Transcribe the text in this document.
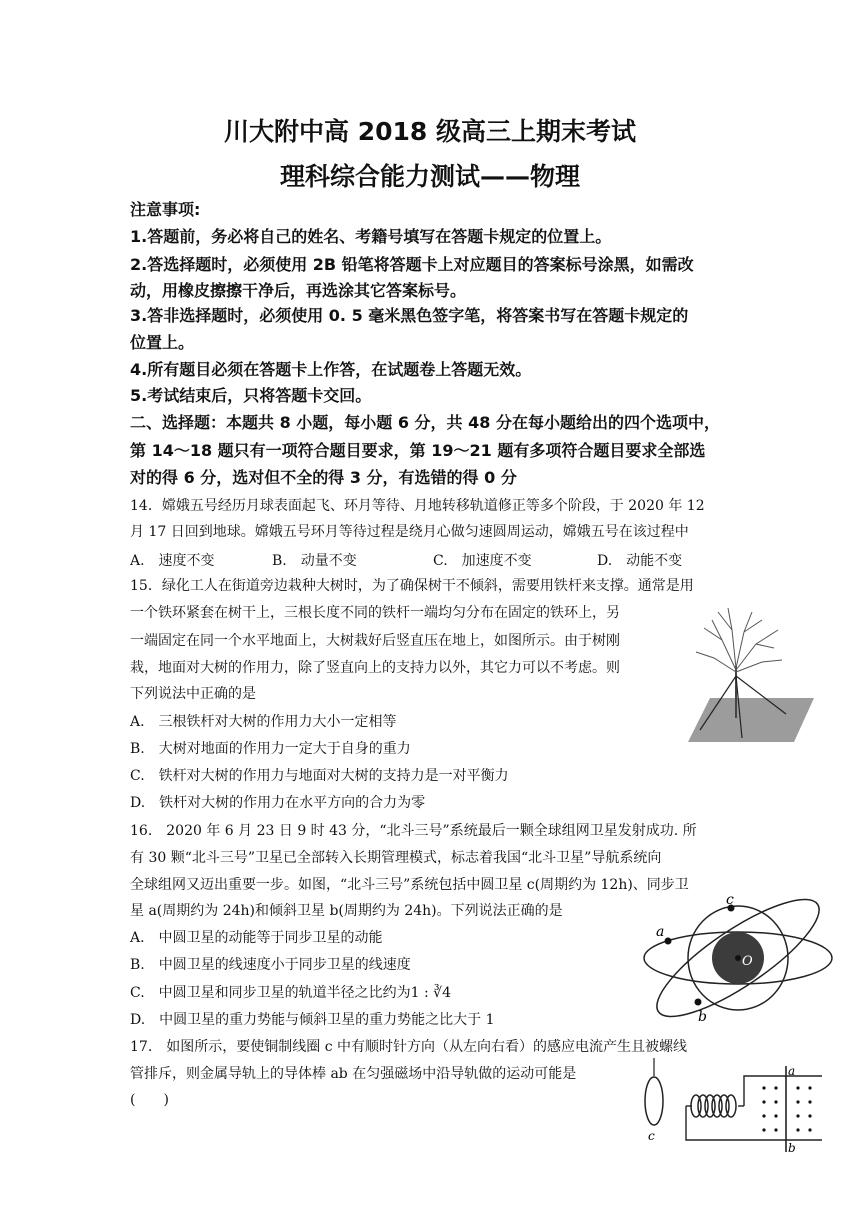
川大附中高 2018 级高三上期末考试
理科综合能力测试——物理
注意事项:
1.答题前，务必将自己的姓名、考籍号填写在答题卡规定的位置上。
2.答选择题时，必须使用 2B 铅笔将答题卡上对应题目的答案标号涂黑，如需改
动，用橡皮擦擦干净后，再选涂其它答案标号。
3.答非选择题时，必须使用 0. 5 毫米黑色签字笔，将答案书写在答题卡规定的
位置上。
4.所有题目必须在答题卡上作答，在试题卷上答题无效。
5.考试结束后，只将答题卡交回。
二、选择题：本题共 8 小题，每小题 6 分，共 48 分在每小题给出的四个选项中，
第 14～18 题只有一项符合题目要求，第 19～21 题有多项符合题目要求全部选
对的得 6 分，选对但不全的得 3 分，有选错的得 0 分
14．嫦娥五号经历月球表面起飞、环月等待、月地转移轨道修正等多个阶段，于 2020 年 12
月 17 日回到地球。嫦娥五号环月等待过程是绕月心做匀速圆周运动，嫦娥五号在该过程中
A.　速度不变	B.　动量不变	C.　加速度不变	D.　动能不变
15．绿化工人在街道旁边栽种大树时，为了确保树干不倾斜，需要用铁杆来支撑。通常是用
一个铁环紧套在树干上，三根长度不同的铁杆一端均匀分布在固定的铁环上，另
一端固定在同一个水平地面上，大树栽好后竖直压在地上，如图所示。由于树刚
栽，地面对大树的作用力，除了竖直向上的支持力以外，其它力可以不考虑。则
下列说法中正确的是
A.　三根铁杆对大树的作用力大小一定相等
B.　大树对地面的作用力一定大于自身的重力
C.　铁杆对大树的作用力与地面对大树的支持力是一对平衡力
D.　铁杆对大树的作用力在水平方向的合力为零
16.　2020 年 6 月 23 日 9 时 43 分，“北斗三号”系统最后一颗全球组网卫星发射成功. 所
有 30 颗“北斗三号”卫星已全部转入长期管理模式，标志着我国“北斗卫星”导航系统向
全球组网又迈出重要一步。如图，“北斗三号”系统包括中圆卫星 c(周期约为 12h)、同步卫
星 a(周期约为 24h)和倾斜卫星 b(周期约为 24h)。下列说法正确的是
A.　中圆卫星的动能等于同步卫星的动能
B.　中圆卫星的线速度小于同步卫星的线速度
C.　中圆卫星和同步卫星的轨道半径之比约为1 : ∛4
D.　中圆卫星的重力势能与倾斜卫星的重力势能之比大于 1
O
a
c
b
17.　如图所示，要使铜制线圈 c 中有顺时针方向（从左向右看）的感应电流产生且被螺线
管排斥，则金属导轨上的导体棒 ab 在匀强磁场中沿导轨做的运动可能是
(　　)
c
a
b
